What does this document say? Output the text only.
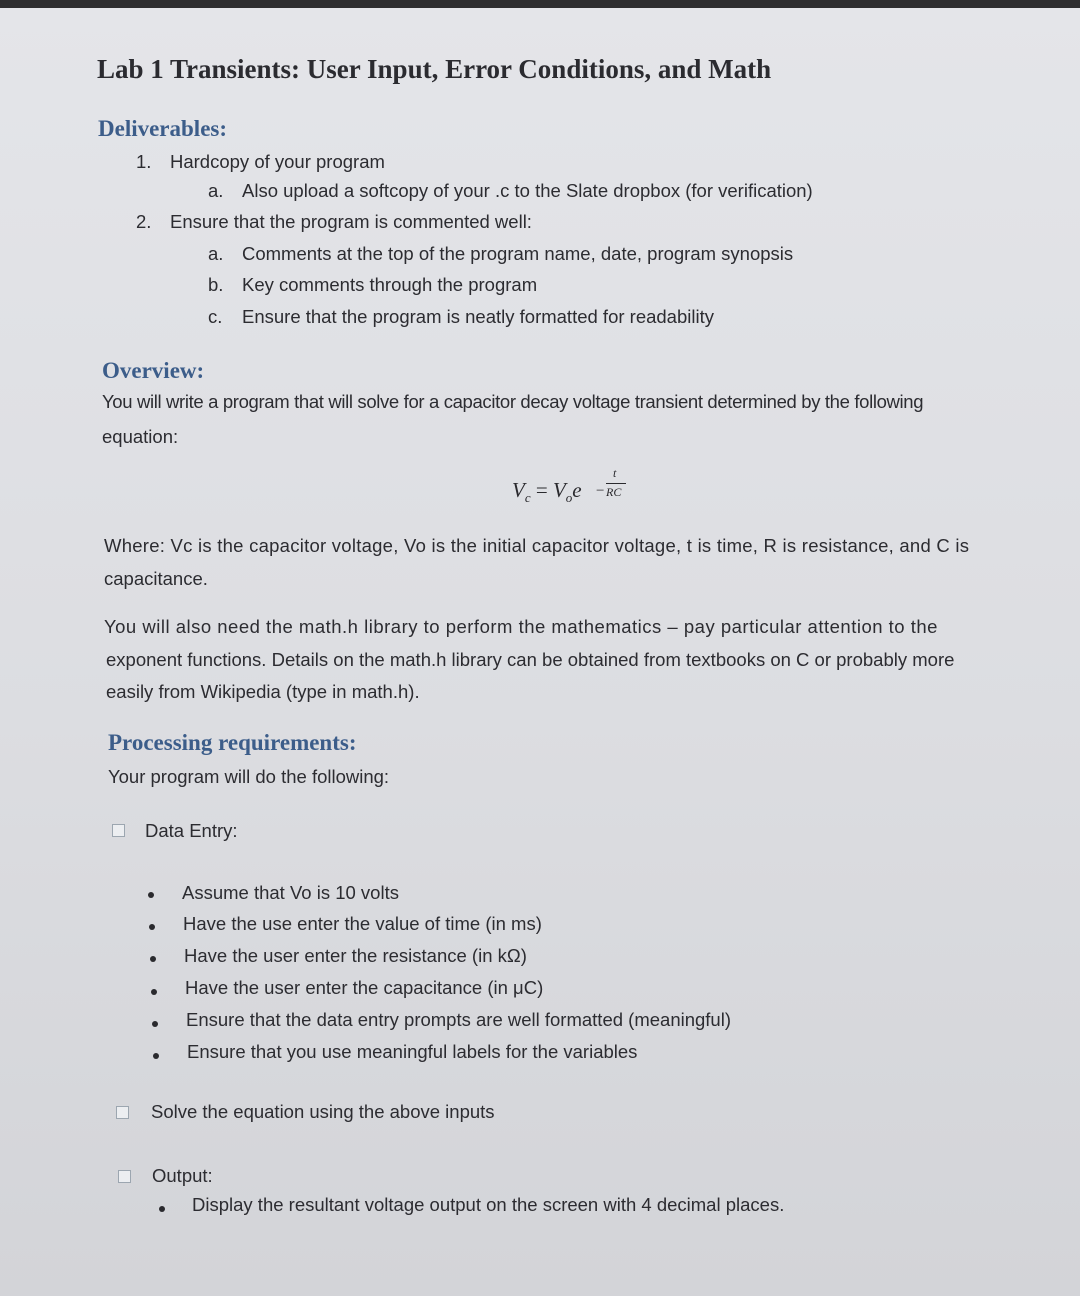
Lab 1 Transients: User Input, Error Conditions, and Math
Deliverables:
1. Hardcopy of your program
a. Also upload a softcopy of your .c to the Slate dropbox (for verification)
2. Ensure that the program is commented well:
a. Comments at the top of the program name, date, program synopsis
b. Key comments through the program
c. Ensure that the program is neatly formatted for readability
Overview:
You will write a program that will solve for a capacitor decay voltage transient determined by the following
equation:
$V_c = V_oe$ −
t
RC
Where: Vc is the capacitor voltage, Vo is the initial capacitor voltage, t is time, R is resistance, and C is
capacitance.
You will also need the math.h library to perform the mathematics – pay particular attention to the
exponent functions. Details on the math.h library can be obtained from textbooks on C or probably more
easily from Wikipedia (type in math.h).
Processing requirements:
Your program will do the following:
Data Entry:
Assume that Vo is 10 volts
Have the use enter the value of time (in ms)
Have the user enter the resistance (in kΩ)
Have the user enter the capacitance (in μC)
Ensure that the data entry prompts are well formatted (meaningful)
Ensure that you use meaningful labels for the variables
Solve the equation using the above inputs
Output:
Display the resultant voltage output on the screen with 4 decimal places.
